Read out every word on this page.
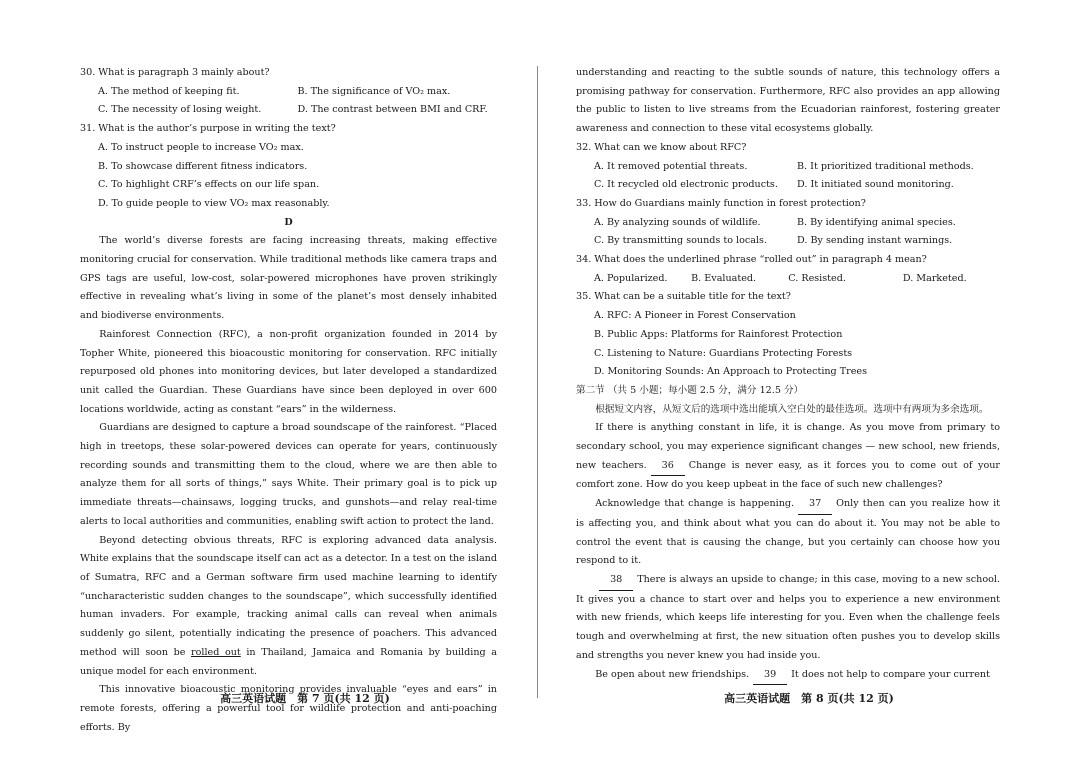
30. What is paragraph 3 mainly about?

A. The method of keeping fit.	B. The significance of VO₂ max.
C. The necessity of losing weight.	D. The contrast between BMI and CRF.

31. What is the author’s purpose in writing the text?

A. To instruct people to increase VO₂ max.

B. To showcase different fitness indicators.

C. To highlight CRF’s effects on our life span.

D. To guide people to view VO₂ max reasonably.

D

The world’s diverse forests are facing increasing threats, making effective monitoring crucial for conservation. While traditional methods like camera traps and GPS tags are useful, low-cost, solar-powered microphones have proven strikingly effective in revealing what’s living in some of the planet’s most densely inhabited and biodiverse environments.

Rainforest Connection (RFC), a non-profit organization founded in 2014 by Topher White, pioneered this bioacoustic monitoring for conservation. RFC initially repurposed old phones into monitoring devices, but later developed a standardized unit called the Guardian. These Guardians have since been deployed in over 600 locations worldwide, acting as constant “ears” in the wilderness.

Guardians are designed to capture a broad soundscape of the rainforest. “Placed high in treetops, these solar-powered devices can operate for years, continuously recording sounds and transmitting them to the cloud, where we are then able to analyze them for all sorts of things,” says White. Their primary goal is to pick up immediate threats—chainsaws, logging trucks, and gunshots—and relay real-time alerts to local authorities and communities, enabling swift action to protect the land.

Beyond detecting obvious threats, RFC is exploring advanced data analysis. White explains that the soundscape itself can act as a detector. In a test on the island of Sumatra, RFC and a German software firm used machine learning to identify “uncharacteristic sudden changes to the soundscape”, which successfully identified human invaders. For example, tracking animal calls can reveal when animals suddenly go silent, potentially indicating the presence of poachers. This advanced method will soon be rolled out in Thailand, Jamaica and Romania by building a unique model for each environment.

This innovative bioacoustic monitoring provides invaluable “eyes and ears” in remote forests, offering a powerful tool for wildlife protection and anti-poaching efforts. By

understanding and reacting to the subtle sounds of nature, this technology offers a promising pathway for conservation. Furthermore, RFC also provides an app allowing the public to listen to live streams from the Ecuadorian rainforest, fostering greater awareness and connection to these vital ecosystems globally.

32. What can we know about RFC?

A. It removed potential threats.	B. It prioritized traditional methods.
C. It recycled old electronic products.	D. It initiated sound monitoring.

33. How do Guardians mainly function in forest protection?

A. By analyzing sounds of wildlife.	B. By identifying animal species.
C. By transmitting sounds to locals.	D. By sending instant warnings.

34. What does the underlined phrase “rolled out” in paragraph 4 mean?

A. Popularized.	B. Evaluated.	C. Resisted.	D. Marketed.

35. What can be a suitable title for the text?

A. RFC: A Pioneer in Forest Conservation

B. Public Apps: Platforms for Rainforest Protection

C. Listening to Nature: Guardians Protecting Forests

D. Monitoring Sounds: An Approach to Protecting Trees

第二节 （共 5 小题；每小题 2.5 分，满分 12.5 分）

根据短文内容，从短文后的选项中选出能填入空白处的最佳选项。选项中有两项为多余选项。

If there is anything constant in life, it is change. As you move from primary to secondary school, you may experience significant changes — new school, new friends, new teachers. 36 Change is never easy, as it forces you to come out of your comfort zone. How do you keep upbeat in the face of such new challenges?

Acknowledge that change is happening. 37 Only then can you realize how it is affecting you, and think about what you can do about it. You may not be able to control the event that is causing the change, but you certainly can choose how you respond to it.

38 There is always an upside to change; in this case, moving to a new school. It gives you a chance to start over and helps you to experience a new environment with new friends, which keeps life interesting for you. Even when the challenge feels tough and overwhelming at first, the new situation often pushes you to develop skills and strengths you never knew you had inside you.

Be open about new friendships. 39 It does not help to compare your current

高三英语试题　第 7 页(共 12 页)	高三英语试题　第 8 页(共 12 页)
